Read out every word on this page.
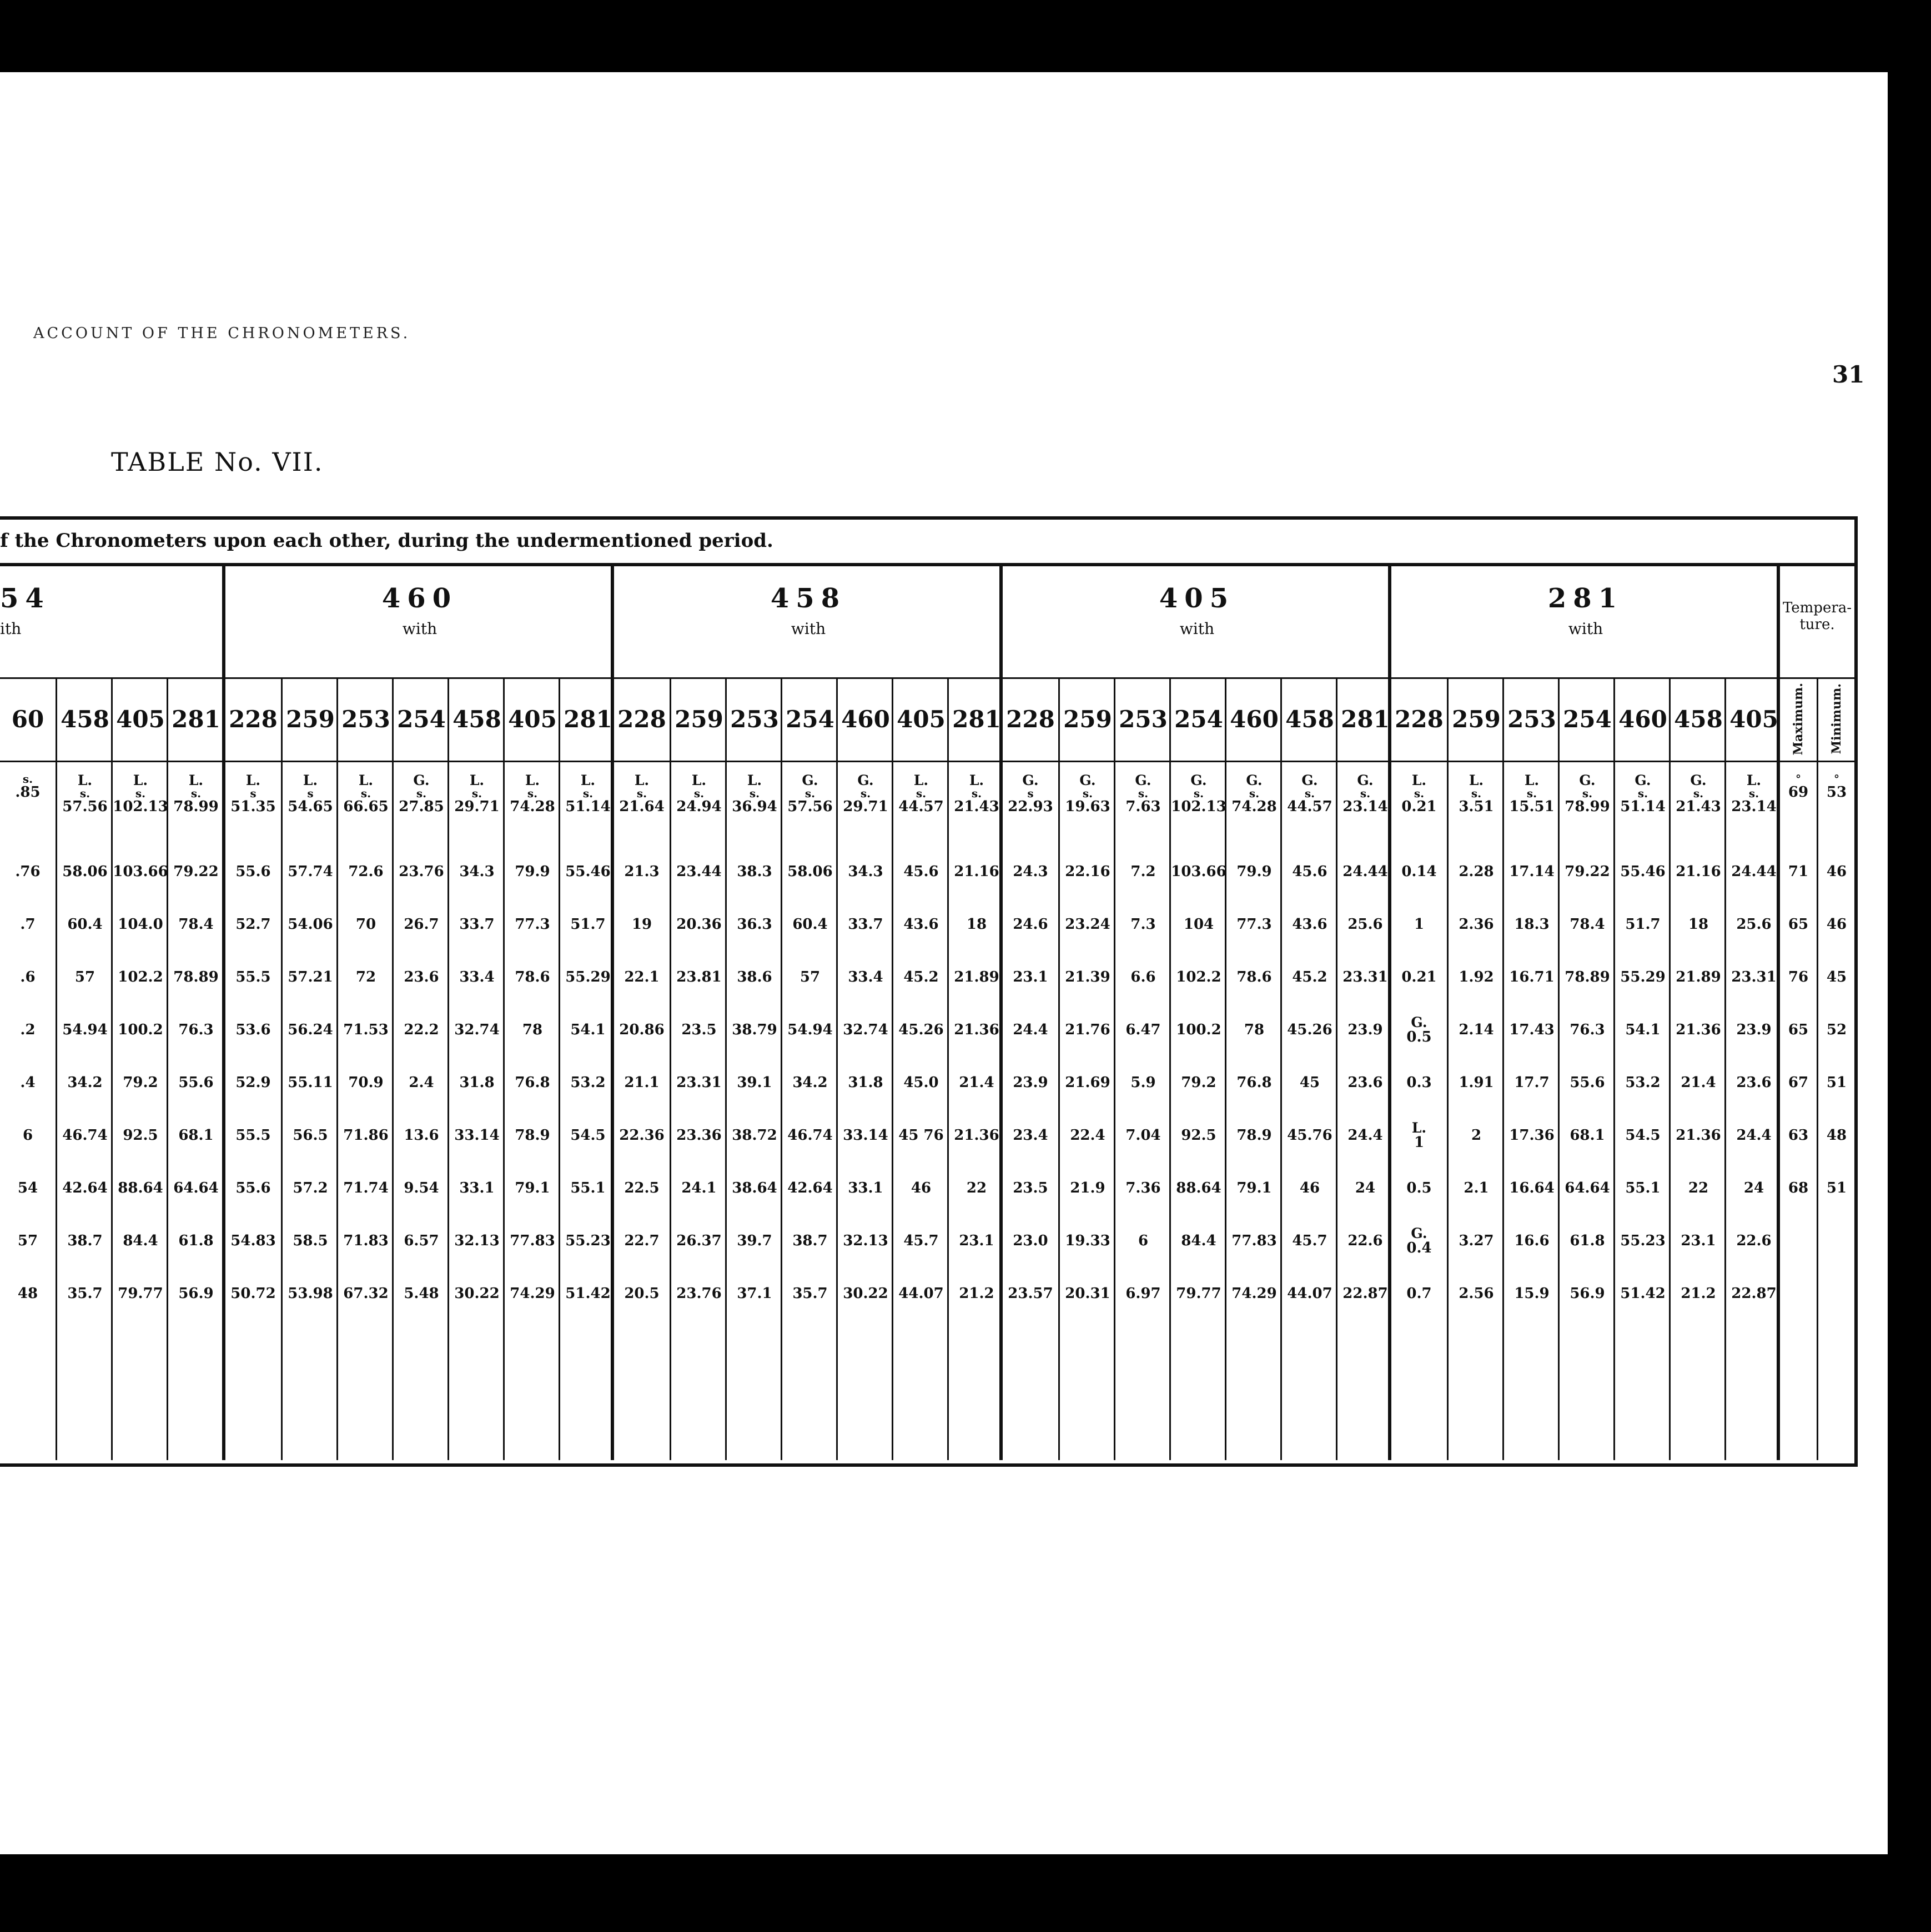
ACCOUNT OF THE CHRONOMETERS.
31
TABLE No. VII.
f the Chronometers upon each other, during the undermentioned period.
54
ith
60
s.
.85
.76
.7
.6
.2
.4
6
54
57
48
458
L.
s.
57.56
58.06
60.4
57
54.94
34.2
46.74
42.64
38.7
35.7
405
L.
s.
102.13
103.66
104.0
102.2
100.2
79.2
92.5
88.64
84.4
79.77
281
L.
s.
78.99
79.22
78.4
78.89
76.3
55.6
68.1
64.64
61.8
56.9
460
with
228
L.
s
51.35
55.6
52.7
55.5
53.6
52.9
55.5
55.6
54.83
50.72
259
L.
s
54.65
57.74
54.06
57.21
56.24
55.11
56.5
57.2
58.5
53.98
253
L.
s.
66.65
72.6
70
72
71.53
70.9
71.86
71.74
71.83
67.32
254
G.
s.
27.85
23.76
26.7
23.6
22.2
2.4
13.6
9.54
6.57
5.48
458
L.
s.
29.71
34.3
33.7
33.4
32.74
31.8
33.14
33.1
32.13
30.22
405
L.
s.
74.28
79.9
77.3
78.6
78
76.8
78.9
79.1
77.83
74.29
281
L.
s.
51.14
55.46
51.7
55.29
54.1
53.2
54.5
55.1
55.23
51.42
458
with
228
L.
s.
21.64
21.3
19
22.1
20.86
21.1
22.36
22.5
22.7
20.5
259
L.
s.
24.94
23.44
20.36
23.81
23.5
23.31
23.36
24.1
26.37
23.76
253
L.
s.
36.94
38.3
36.3
38.6
38.79
39.1
38.72
38.64
39.7
37.1
254
G.
s.
57.56
58.06
60.4
57
54.94
34.2
46.74
42.64
38.7
35.7
460
G.
s.
29.71
34.3
33.7
33.4
32.74
31.8
33.14
33.1
32.13
30.22
405
L.
s.
44.57
45.6
43.6
45.2
45.26
45.0
45 76
46
45.7
44.07
281
L.
s.
21.43
21.16
18
21.89
21.36
21.4
21.36
22
23.1
21.2
405
with
228
G.
s
22.93
24.3
24.6
23.1
24.4
23.9
23.4
23.5
23.0
23.57
259
G.
s.
19.63
22.16
23.24
21.39
21.76
21.69
22.4
21.9
19.33
20.31
253
G.
s.
7.63
7.2
7.3
6.6
6.47
5.9
7.04
7.36
6
6.97
254
G.
s.
102.13
103.66
104
102.2
100.2
79.2
92.5
88.64
84.4
79.77
460
G.
s.
74.28
79.9
77.3
78.6
78
76.8
78.9
79.1
77.83
74.29
458
G.
s.
44.57
45.6
43.6
45.2
45.26
45
45.76
46
45.7
44.07
281
G.
s.
23.14
24.44
25.6
23.31
23.9
23.6
24.4
24
22.6
22.87
281
with
228
L.
s.
0.21
0.14
1
0.21
G.
0.5
0.3
L.
1
0.5
G.
0.4
0.7
259
L.
s.
3.51
2.28
2.36
1.92
2.14
1.91
2
2.1
3.27
2.56
253
L.
s.
15.51
17.14
18.3
16.71
17.43
17.7
17.36
16.64
16.6
15.9
254
G.
s.
78.99
79.22
78.4
78.89
76.3
55.6
68.1
64.64
61.8
56.9
460
G.
s.
51.14
55.46
51.7
55.29
54.1
53.2
54.5
55.1
55.23
51.42
458
G.
s.
21.43
21.16
18
21.89
21.36
21.4
21.36
22
23.1
21.2
405
L.
s.
23.14
24.44
25.6
23.31
23.9
23.6
24.4
24
22.6
22.87
Tempera-ture.
Maximum.
°
69
71
65
76
65
67
63
68
Minimum.
°
53
46
46
45
52
51
48
51
